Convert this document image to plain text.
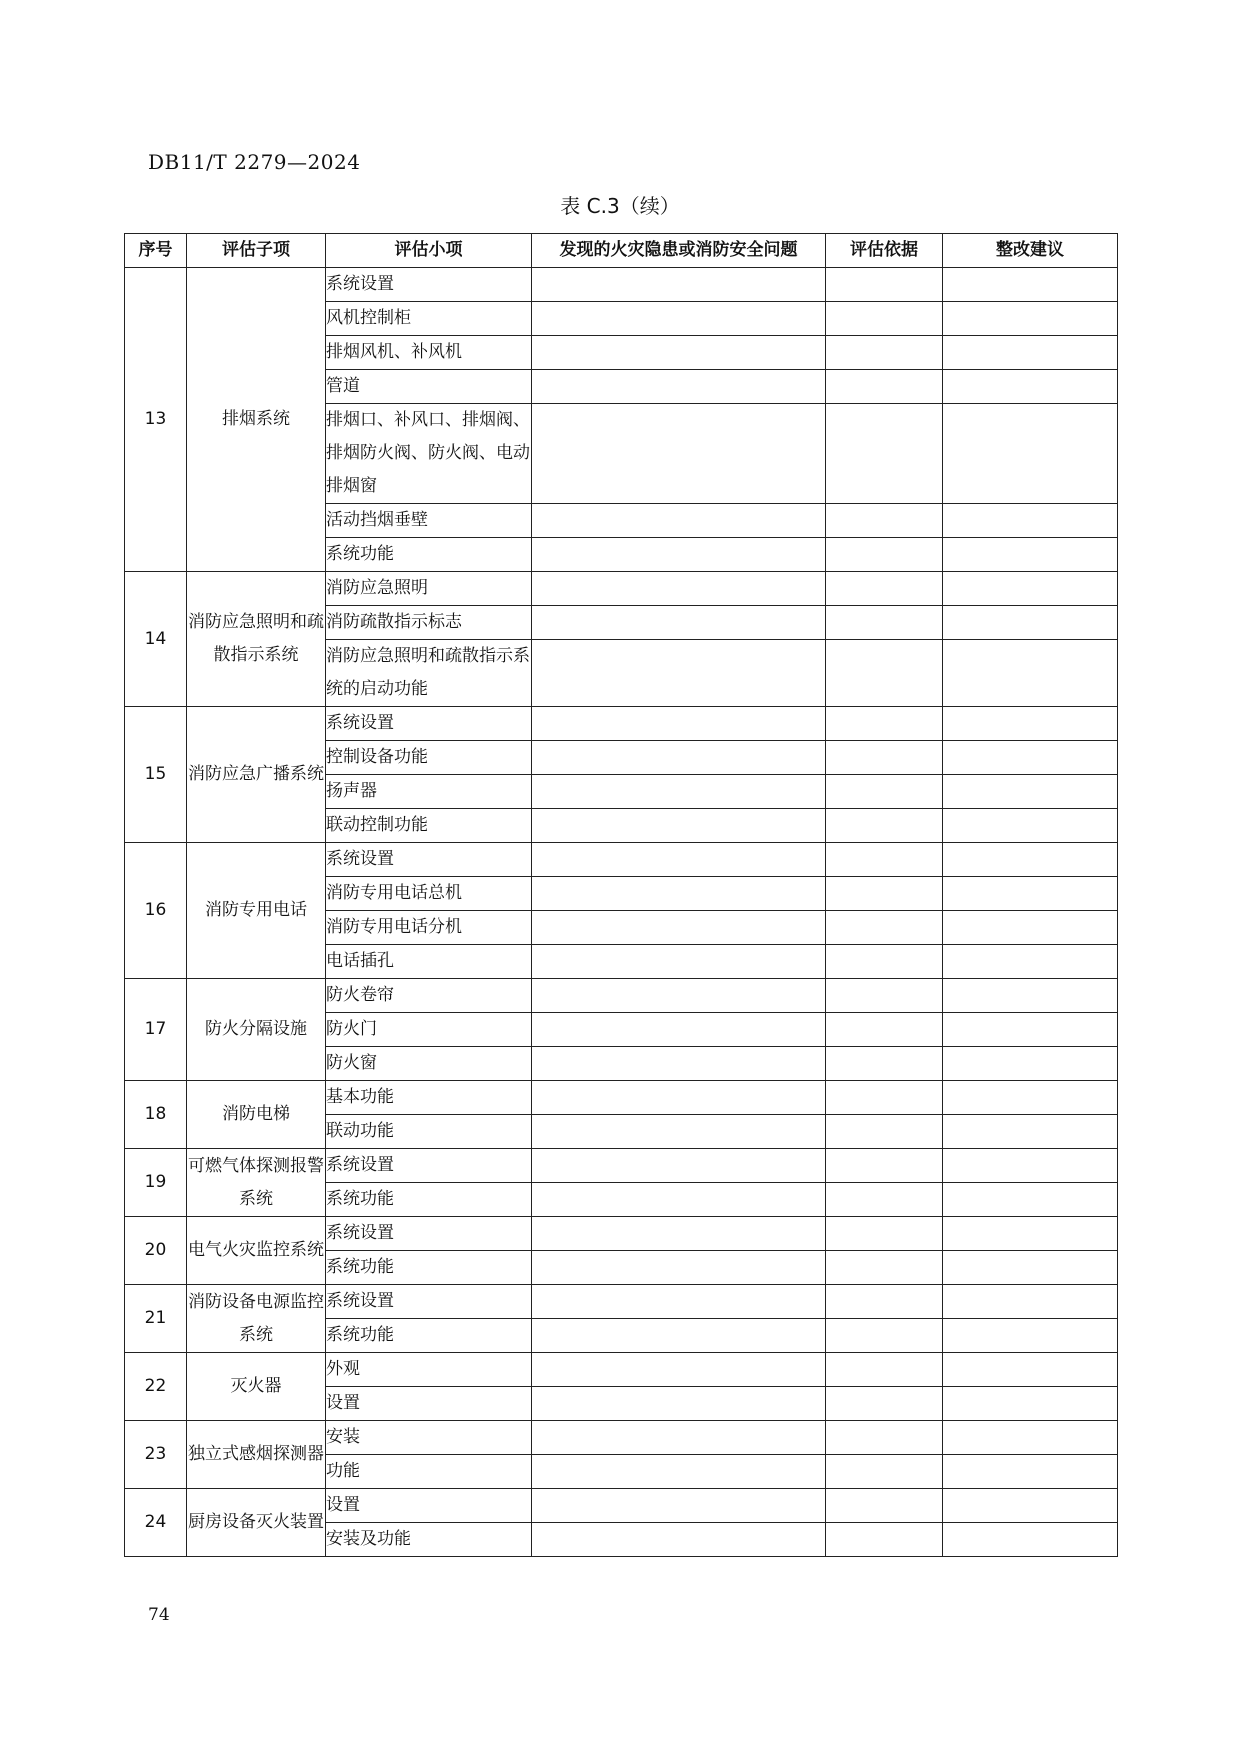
DB11/T 2279—2024
表 C.3（续）
序号	评估子项	评估小项	发现的火灾隐患或消防安全问题	评估依据	整改建议
13	排烟系统	系统设置			
		风机控制柜			
		排烟风机、补风机			
		管道			
		排烟口、补风口、排烟阀、排烟防火阀、防火阀、电动排烟窗			
		活动挡烟垂壁			
		系统功能			
14	消防应急照明和疏散指示系统	消防应急照明			
		消防疏散指示标志			
		消防应急照明和疏散指示系统的启动功能			
15	消防应急广播系统	系统设置			
		控制设备功能			
		扬声器			
		联动控制功能			
16	消防专用电话	系统设置			
		消防专用电话总机			
		消防专用电话分机			
		电话插孔			
17	防火分隔设施	防火卷帘			
		防火门			
		防火窗			
18	消防电梯	基本功能			
		联动功能			
19	可燃气体探测报警系统	系统设置			
		系统功能			
20	电气火灾监控系统	系统设置			
		系统功能			
21	消防设备电源监控系统	系统设置			
		系统功能			
22	灭火器	外观			
		设置			
23	独立式感烟探测器	安装			
		功能			
24	厨房设备灭火装置	设置			
		安装及功能			
74
